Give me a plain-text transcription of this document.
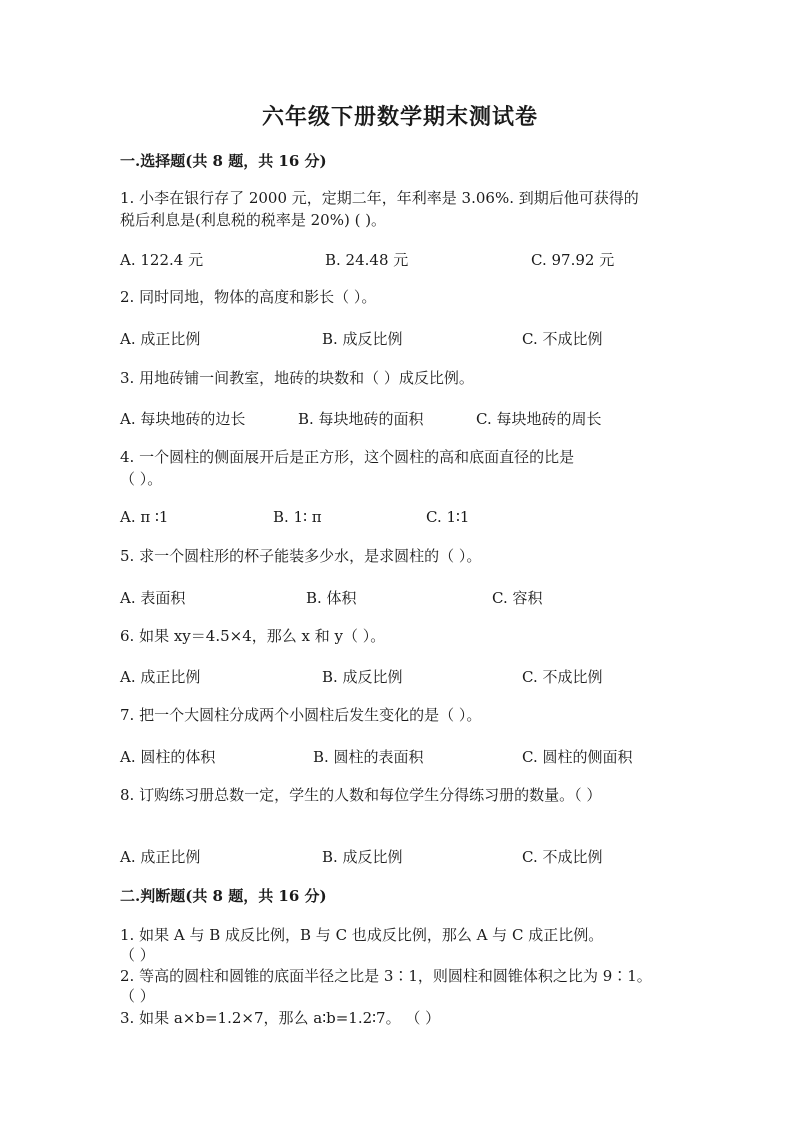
六年级下册数学期末测试卷
一.选择题(共 8 题，共 16 分)
1. 小李在银行存了 2000 元，定期二年，年利率是 3.06%. 到期后他可获得的
税后利息是(利息税的税率是 20%) ( )。
A. 122.4 元	B. 24.48 元	C. 97.92 元
2. 同时同地，物体的高度和影长（ ）。
A. 成正比例	B. 成反比例	C. 不成比例
3. 用地砖铺一间教室，地砖的块数和（ ）成反比例。
A. 每块地砖的边长	B. 每块地砖的面积	C. 每块地砖的周长
4. 一个圆柱的侧面展开后是正方形，这个圆柱的高和底面直径的比是
（ ）。
A. π ∶1	B. 1∶ π	C. 1∶1
5. 求一个圆柱形的杯子能装多少水，是求圆柱的（ ）。
A. 表面积	B. 体积	C. 容积
6. 如果 xy＝4.5×4，那么 x 和 y（ ）。
A. 成正比例	B. 成反比例	C. 不成比例
7. 把一个大圆柱分成两个小圆柱后发生变化的是（ ）。
A. 圆柱的体积	B. 圆柱的表面积	C. 圆柱的侧面积
8. 订购练习册总数一定，学生的人数和每位学生分得练习册的数量。（ ）
A. 成正比例	B. 成反比例	C. 不成比例
二.判断题(共 8 题，共 16 分)
1. 如果 A 与 B 成反比例，B 与 C 也成反比例，那么 A 与 C 成正比例。
（ ）
2. 等高的圆柱和圆锥的底面半径之比是 3∶1，则圆柱和圆锥体积之比为 9∶1。
（ ）
3. 如果 a×b=1.2×7，那么 a∶b=1.2∶7。 （ ）
